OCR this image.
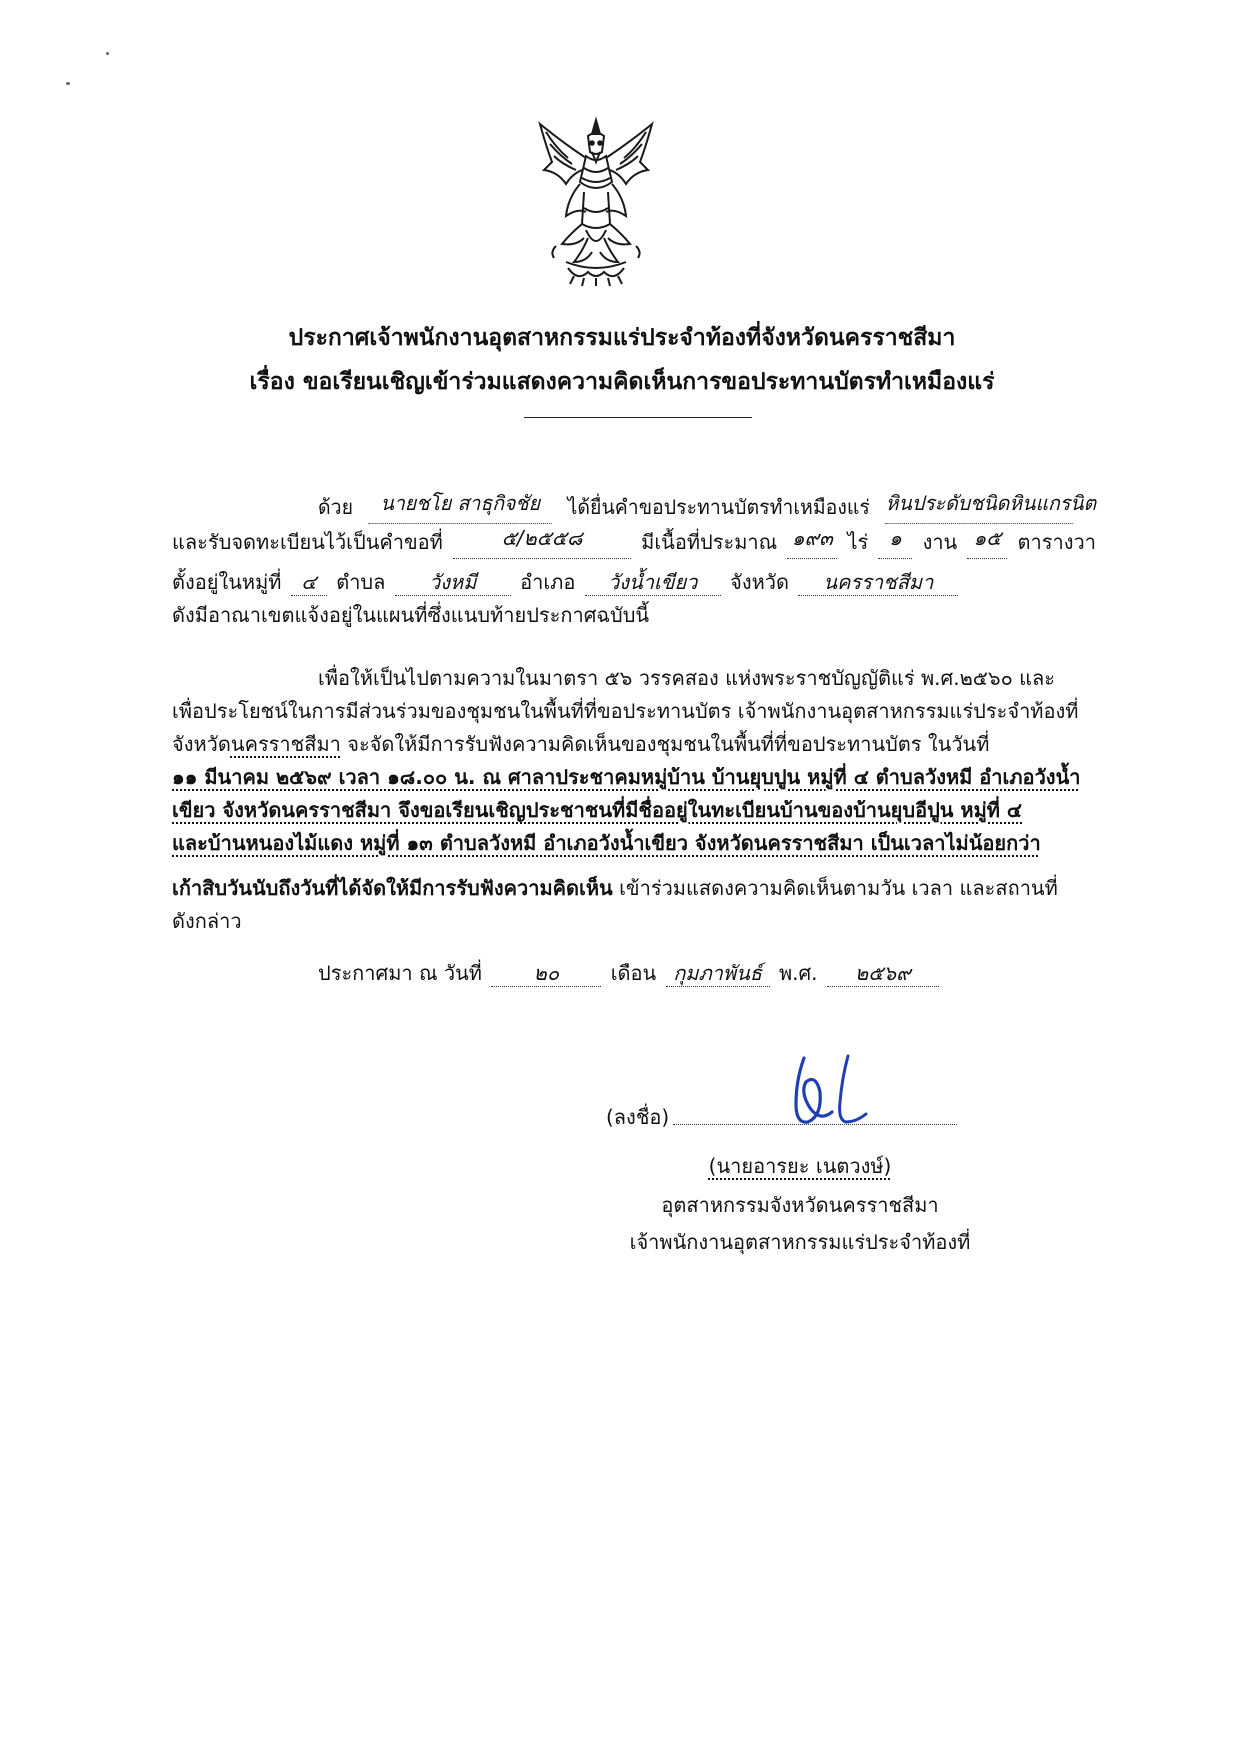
ประกาศเจ้าพนักงานอุตสาหกรรมแร่ประจำท้องที่จังหวัดนครราชสีมา
เรื่อง ขอเรียนเชิญเข้าร่วมแสดงความคิดเห็นการขอประทานบัตรทำเหมืองแร่
ด้วย	นายชโย สาธุกิจชัย	ได้ยื่นคำขอประทานบัตรทำเหมืองแร่ หินประดับชนิดหินแกรนิต
และรับจดทะเบียนไว้เป็นคำขอที่	๕/๒๕๕๘	มีเนื้อที่ประมาณ ๑๙๓ ไร่	๑	งาน ๑๕ ตารางวา
ตั้งอยู่ในหมู่ที่ ๔ ตำบล วังหมี อำเภอ วังน้ำเขียว จังหวัด นครราชสีมา
ดังมีอาณาเขตแจ้งอยู่ในแผนที่ซึ่งแนบท้ายประกาศฉบับนี้
เพื่อให้เป็นไปตามความในมาตรา ๕๖ วรรคสอง แห่งพระราชบัญญัติแร่ พ.ศ.๒๕๖๐ และ
เพื่อประโยชน์ในการมีส่วนร่วมของชุมชนในพื้นที่ที่ขอประทานบัตร เจ้าพนักงานอุตสาหกรรมแร่ประจำท้องที่
จังหวัดนครราชสีมา จะจัดให้มีการรับฟังความคิดเห็นของชุมชนในพื้นที่ที่ขอประทานบัตร ในวันที่
๑๑ มีนาคม ๒๕๖๙ เวลา ๑๘.๐๐ น. ณ ศาลาประชาคมหมู่บ้าน บ้านยุบปูน หมู่ที่ ๔ ตำบลวังหมี อำเภอวังน้ำ
เขียว จังหวัดนครราชสีมา จึงขอเรียนเชิญประชาชนที่มีชื่ออยู่ในทะเบียนบ้านของบ้านยุบอีปูน หมู่ที่ ๔
และบ้านหนองไม้แดง หมู่ที่ ๑๓ ตำบลวังหมี อำเภอวังน้ำเขียว จังหวัดนครราชสีมา เป็นเวลาไม่น้อยกว่า
เก้าสิบวันนับถึงวันที่ได้จัดให้มีการรับฟังความคิดเห็น เข้าร่วมแสดงความคิดเห็นตามวัน เวลา และสถานที่
ดังกล่าว
ประกาศมา ณ วันที่	๒๐	เดือน กุมภาพันธ์ พ.ศ. ๒๕๖๙
(ลงชื่อ)
(นายอารยะ เนตวงษ์)
อุตสาหกรรมจังหวัดนครราชสีมา
เจ้าพนักงานอุตสาหกรรมแร่ประจำท้องที่
